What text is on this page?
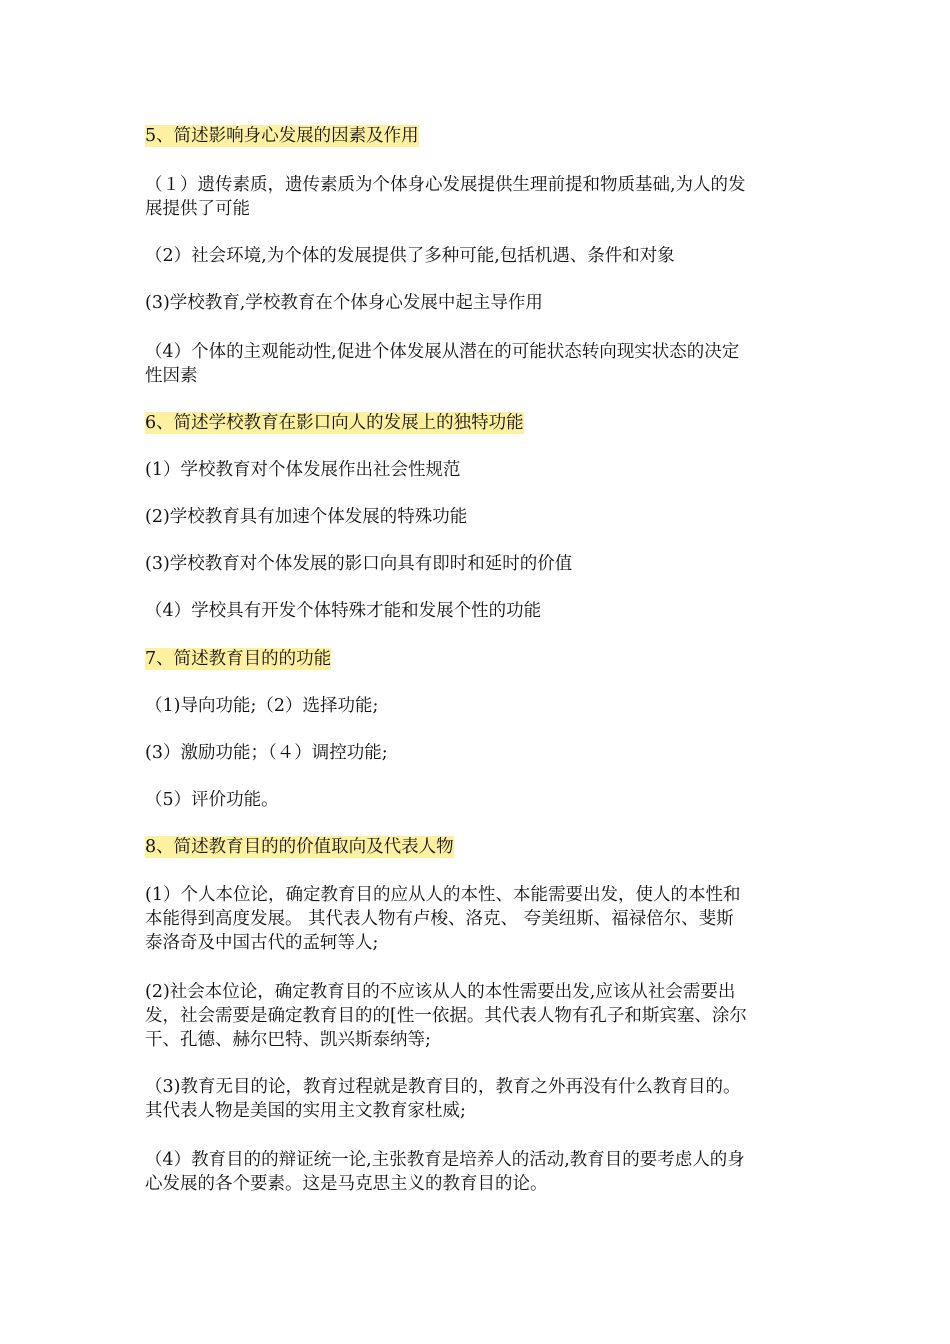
5、简述影响身心发展的因素及作用
（１）遗传素质，遗传素质为个体身心发展提供生理前提和物质基础,为人的发
展提供了可能
（2）社会环境,为个体的发展提供了多种可能,包括机遇、条件和对象
(3)学校教育,学校教育在个体身心发展中起主导作用
（4）个体的主观能动性,促进个体发展从潜在的可能状态转向现实状态的决定
性因素
6、简述学校教育在影口向人的发展上的独特功能
(1）学校教育对个体发展作出社会性规范
(2)学校教育具有加速个体发展的特殊功能
(3)学校教育对个体发展的影口向具有即时和延时的价值
（4）学校具有开发个体特殊才能和发展个性的功能
7、简述教育目的的功能
（1)导向功能;（2）选择功能;
(3）激励功能；（４）调控功能;
（5）评价功能。
8、简述教育目的的价值取向及代表人物
(1）个人本位论，确定教育目的应从人的本性、本能需要出发，使人的本性和
本能得到高度发展。 其代表人物有卢梭、洛克、 夸美纽斯、福禄倍尔、斐斯
泰洛奇及中国古代的孟轲等人;
(2)社会本位论，确定教育目的不应该从人的本性需要出发,应该从社会需要出
发，社会需要是确定教育目的的[性一依据。其代表人物有孔子和斯宾塞、涂尔
干、孔德、赫尔巴特、凯兴斯泰纳等;
（3)教育无目的论，教育过程就是教育目的，教育之外再没有什么教育目的。
其代表人物是美国的实用主文教育家杜威;
（4）教育目的的辩证统一论,主张教育是培养人的活动,教育目的要考虑人的身
心发展的各个要素。这是马克思主义的教育目的论。
